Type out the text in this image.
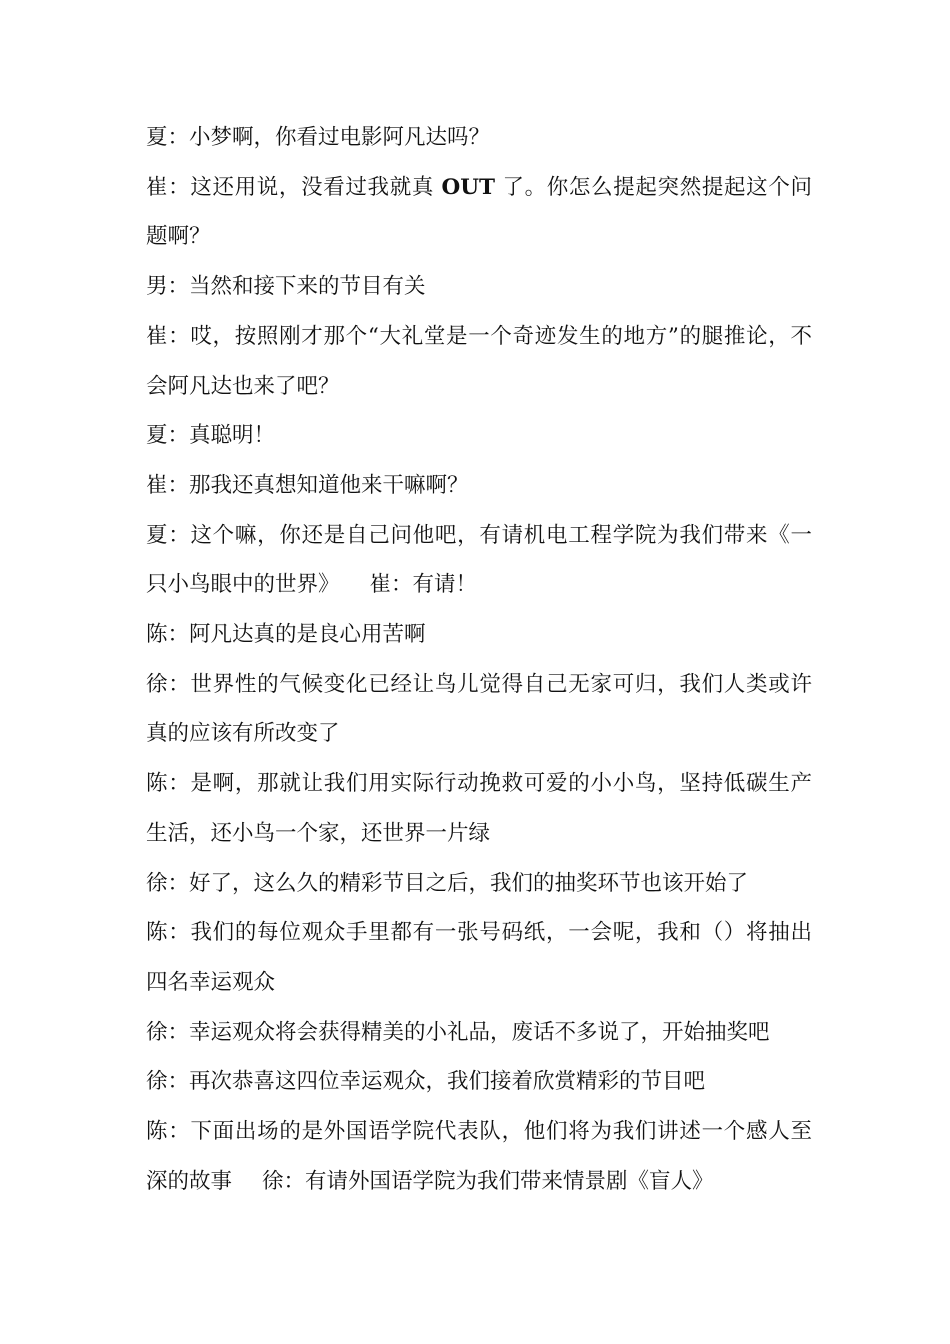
夏：小梦啊，你看过电影阿凡达吗？

崔：这还用说，没看过我就真 OUT 了。你怎么提起突然提起这个问题啊？

男：当然和接下来的节目有关

崔：哎，按照刚才那个“大礼堂是一个奇迹发生的地方”的腿推论，不会阿凡达也来了吧？

夏：真聪明！

崔：那我还真想知道他来干嘛啊？

夏：这个嘛，你还是自己问他吧，有请机电工程学院为我们带来《一只小鸟眼中的世界》 崔：有请！

陈：阿凡达真的是良心用苦啊

徐：世界性的气候变化已经让鸟儿觉得自己无家可归，我们人类或许真的应该有所改变了

陈：是啊，那就让我们用实际行动挽救可爱的小小鸟，坚持低碳生产生活，还小鸟一个家，还世界一片绿

徐：好了，这么久的精彩节目之后，我们的抽奖环节也该开始了

陈：我们的每位观众手里都有一张号码纸，一会呢，我和（）将抽出四名幸运观众

徐：幸运观众将会获得精美的小礼品，废话不多说了，开始抽奖吧

徐：再次恭喜这四位幸运观众，我们接着欣赏精彩的节目吧

陈：下面出场的是外国语学院代表队，他们将为我们讲述一个感人至深的故事 徐：有请外国语学院为我们带来情景剧《盲人》
